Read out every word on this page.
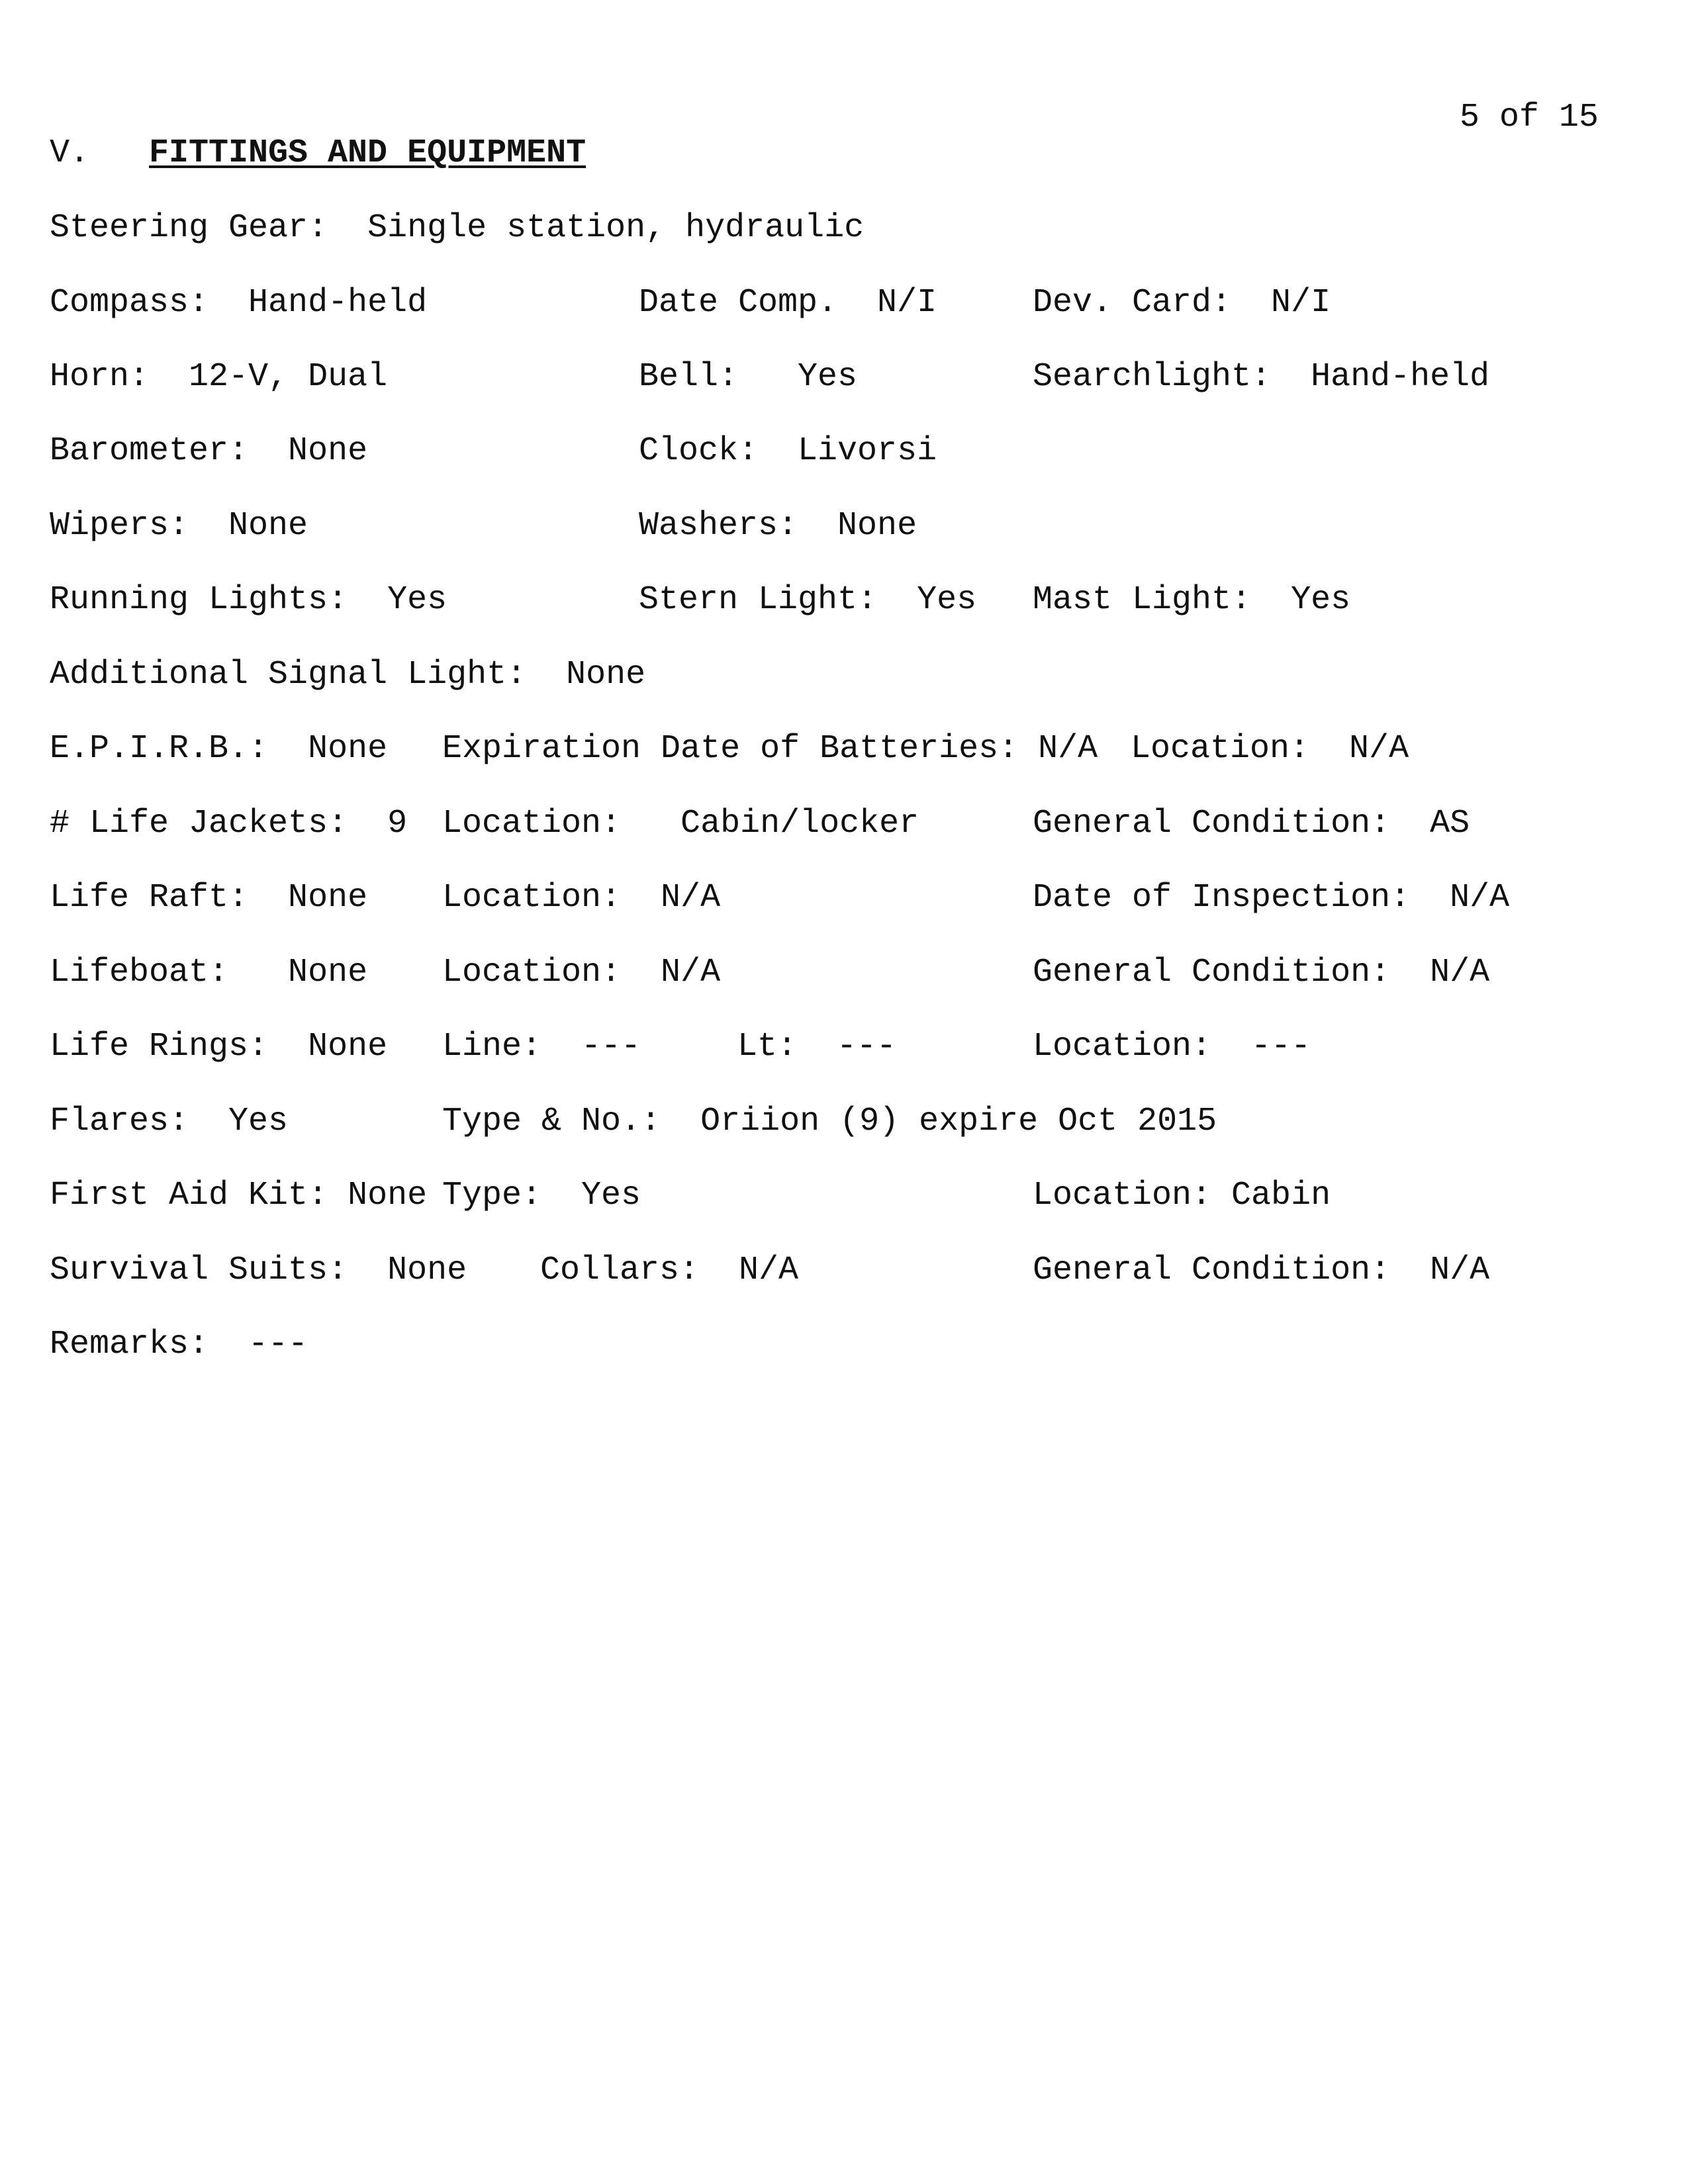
5 of 15
V. FITTINGS AND EQUIPMENT
Steering Gear:  Single station, hydraulic
Compass:  Hand-held	Date Comp.  N/I	Dev. Card:  N/I
Horn:  12-V, Dual	Bell:   Yes	Searchlight:  Hand-held
Barometer:  None	Clock:  Livorsi
Wipers:  None	Washers:  None
Running Lights:  Yes	Stern Light:  Yes Mast Light:  Yes
Additional Signal Light:  None
E.P.I.R.B.:  None Expiration Date of Batteries: N/A Location:  N/A
# Life Jackets:  9 Location:   Cabin/locker	General Condition:  AS
Life Raft:  None Location:  N/A	Date of Inspection:  N/A
Lifeboat:   None Location:  N/A	General Condition:  N/A
Life Rings:  None Line:  ---	Lt:  ---	Location:  ---
Flares:  Yes	Type & No.:  Oriion (9) expire Oct 2015
First Aid Kit: None Type:  Yes	Location: Cabin
Survival Suits:  None Collars:  N/A	General Condition:  N/A
Remarks:  ---
